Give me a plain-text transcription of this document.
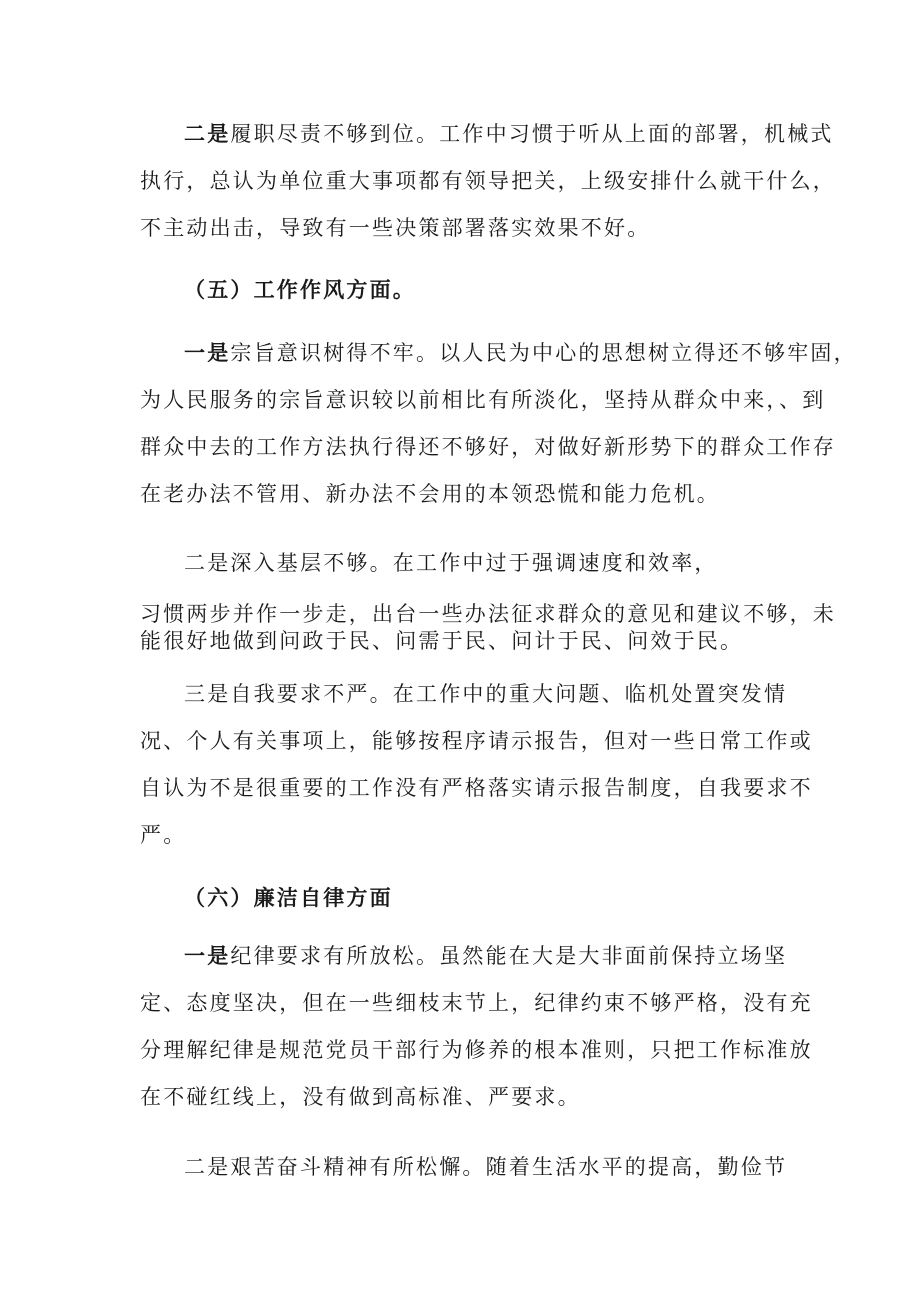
二是履职尽责不够到位。工作中习惯于听从上面的部署，机械式
执行，总认为单位重大事项都有领导把关，上级安排什么就干什么，
不主动出击，导致有一些决策部署落实效果不好。
（五）工作作风方面。
一是宗旨意识树得不牢。以人民为中心的思想树立得还不够牢固，
为人民服务的宗旨意识较以前相比有所淡化，坚持从群众中来，、到
群众中去的工作方法执行得还不够好，对做好新形势下的群众工作存
在老办法不管用、新办法不会用的本领恐慌和能力危机。
二是深入基层不够。在工作中过于强调速度和效率，
习惯两步并作一步走，出台一些办法征求群众的意见和建议不够，未
能很好地做到问政于民、问需于民、问计于民、问效于民。
三是自我要求不严。在工作中的重大问题、临机处置突发情
况、个人有关事项上，能够按程序请示报告，但对一些日常工作或
自认为不是很重要的工作没有严格落实请示报告制度，自我要求不
严。
（六）廉洁自律方面
一是纪律要求有所放松。虽然能在大是大非面前保持立场坚
定、态度坚决，但在一些细枝末节上，纪律约束不够严格，没有充
分理解纪律是规范党员干部行为修养的根本准则，只把工作标准放
在不碰红线上，没有做到高标准、严要求。
二是艰苦奋斗精神有所松懈。随着生活水平的提高，勤俭节
